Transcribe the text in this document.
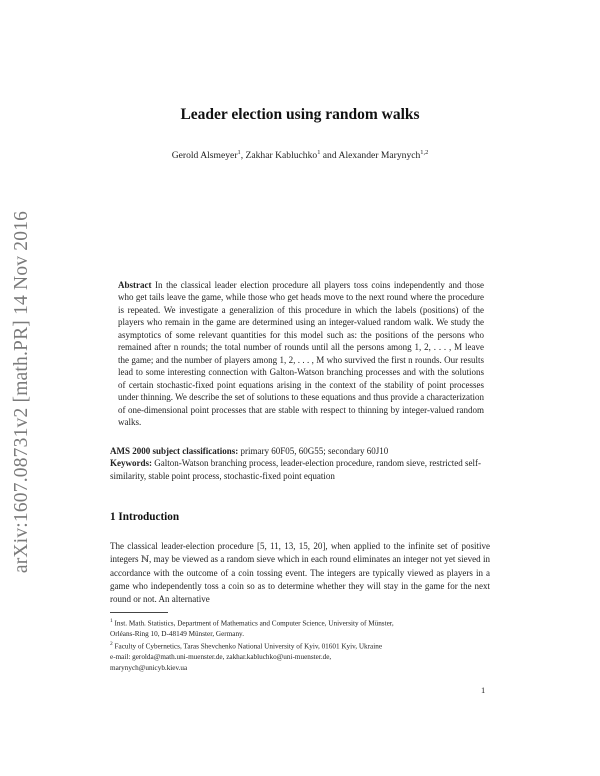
arXiv:1607.08731v2 [math.PR] 14 Nov 2016
Leader election using random walks
Gerold Alsmeyer$^1$, Zakhar Kabluchko$^1$ and Alexander Marynych$^{1,2}$
Abstract In the classical leader election procedure all players toss coins independently and those who get tails leave the game, while those who get heads move to the next round where the procedure is repeated. We investigate a generalizion of this procedure in which the labels (positions) of the players who remain in the game are determined using an integer-valued random walk. We study the asymptotics of some relevant quantities for this model such as: the positions of the persons who remained after n rounds; the total number of rounds until all the persons among 1, 2, . . . , M leave the game; and the number of players among 1, 2, . . . , M who survived the first n rounds. Our results lead to some interesting connection with Galton-Watson branching processes and with the solutions of certain stochastic-fixed point equations arising in the context of the stability of point processes under thinning. We describe the set of solutions to these equations and thus provide a characterization of one-dimensional point processes that are stable with respect to thinning by integer-valued random walks.
AMS 2000 subject classifications: primary 60F05, 60G55; secondary 60J10
Keywords: Galton-Watson branching process, leader-election procedure, random sieve, restricted self-similarity, stable point process, stochastic-fixed point equation
1 Introduction
The classical leader-election procedure [5, 11, 13, 15, 20], when applied to the infinite set of positive integers ℕ, may be viewed as a random sieve which in each round eliminates an integer not yet sieved in accordance with the outcome of a coin tossing event. The integers are typically viewed as players in a game who independently toss a coin so as to determine whether they will stay in the game for the next round or not. An alternative

$^1$ Inst. Math. Statistics, Department of Mathematics and Computer Science, University of Münster,

Orléans-Ring 10, D-48149 Münster, Germany.

$^2$ Faculty of Cybernetics, Taras Shevchenko National University of Kyiv, 01601 Kyiv, Ukraine

e-mail: gerolda@math.uni-muenster.de, zakhar.kabluchko@uni-muenster.de,

marynych@unicyb.kiev.ua

1
